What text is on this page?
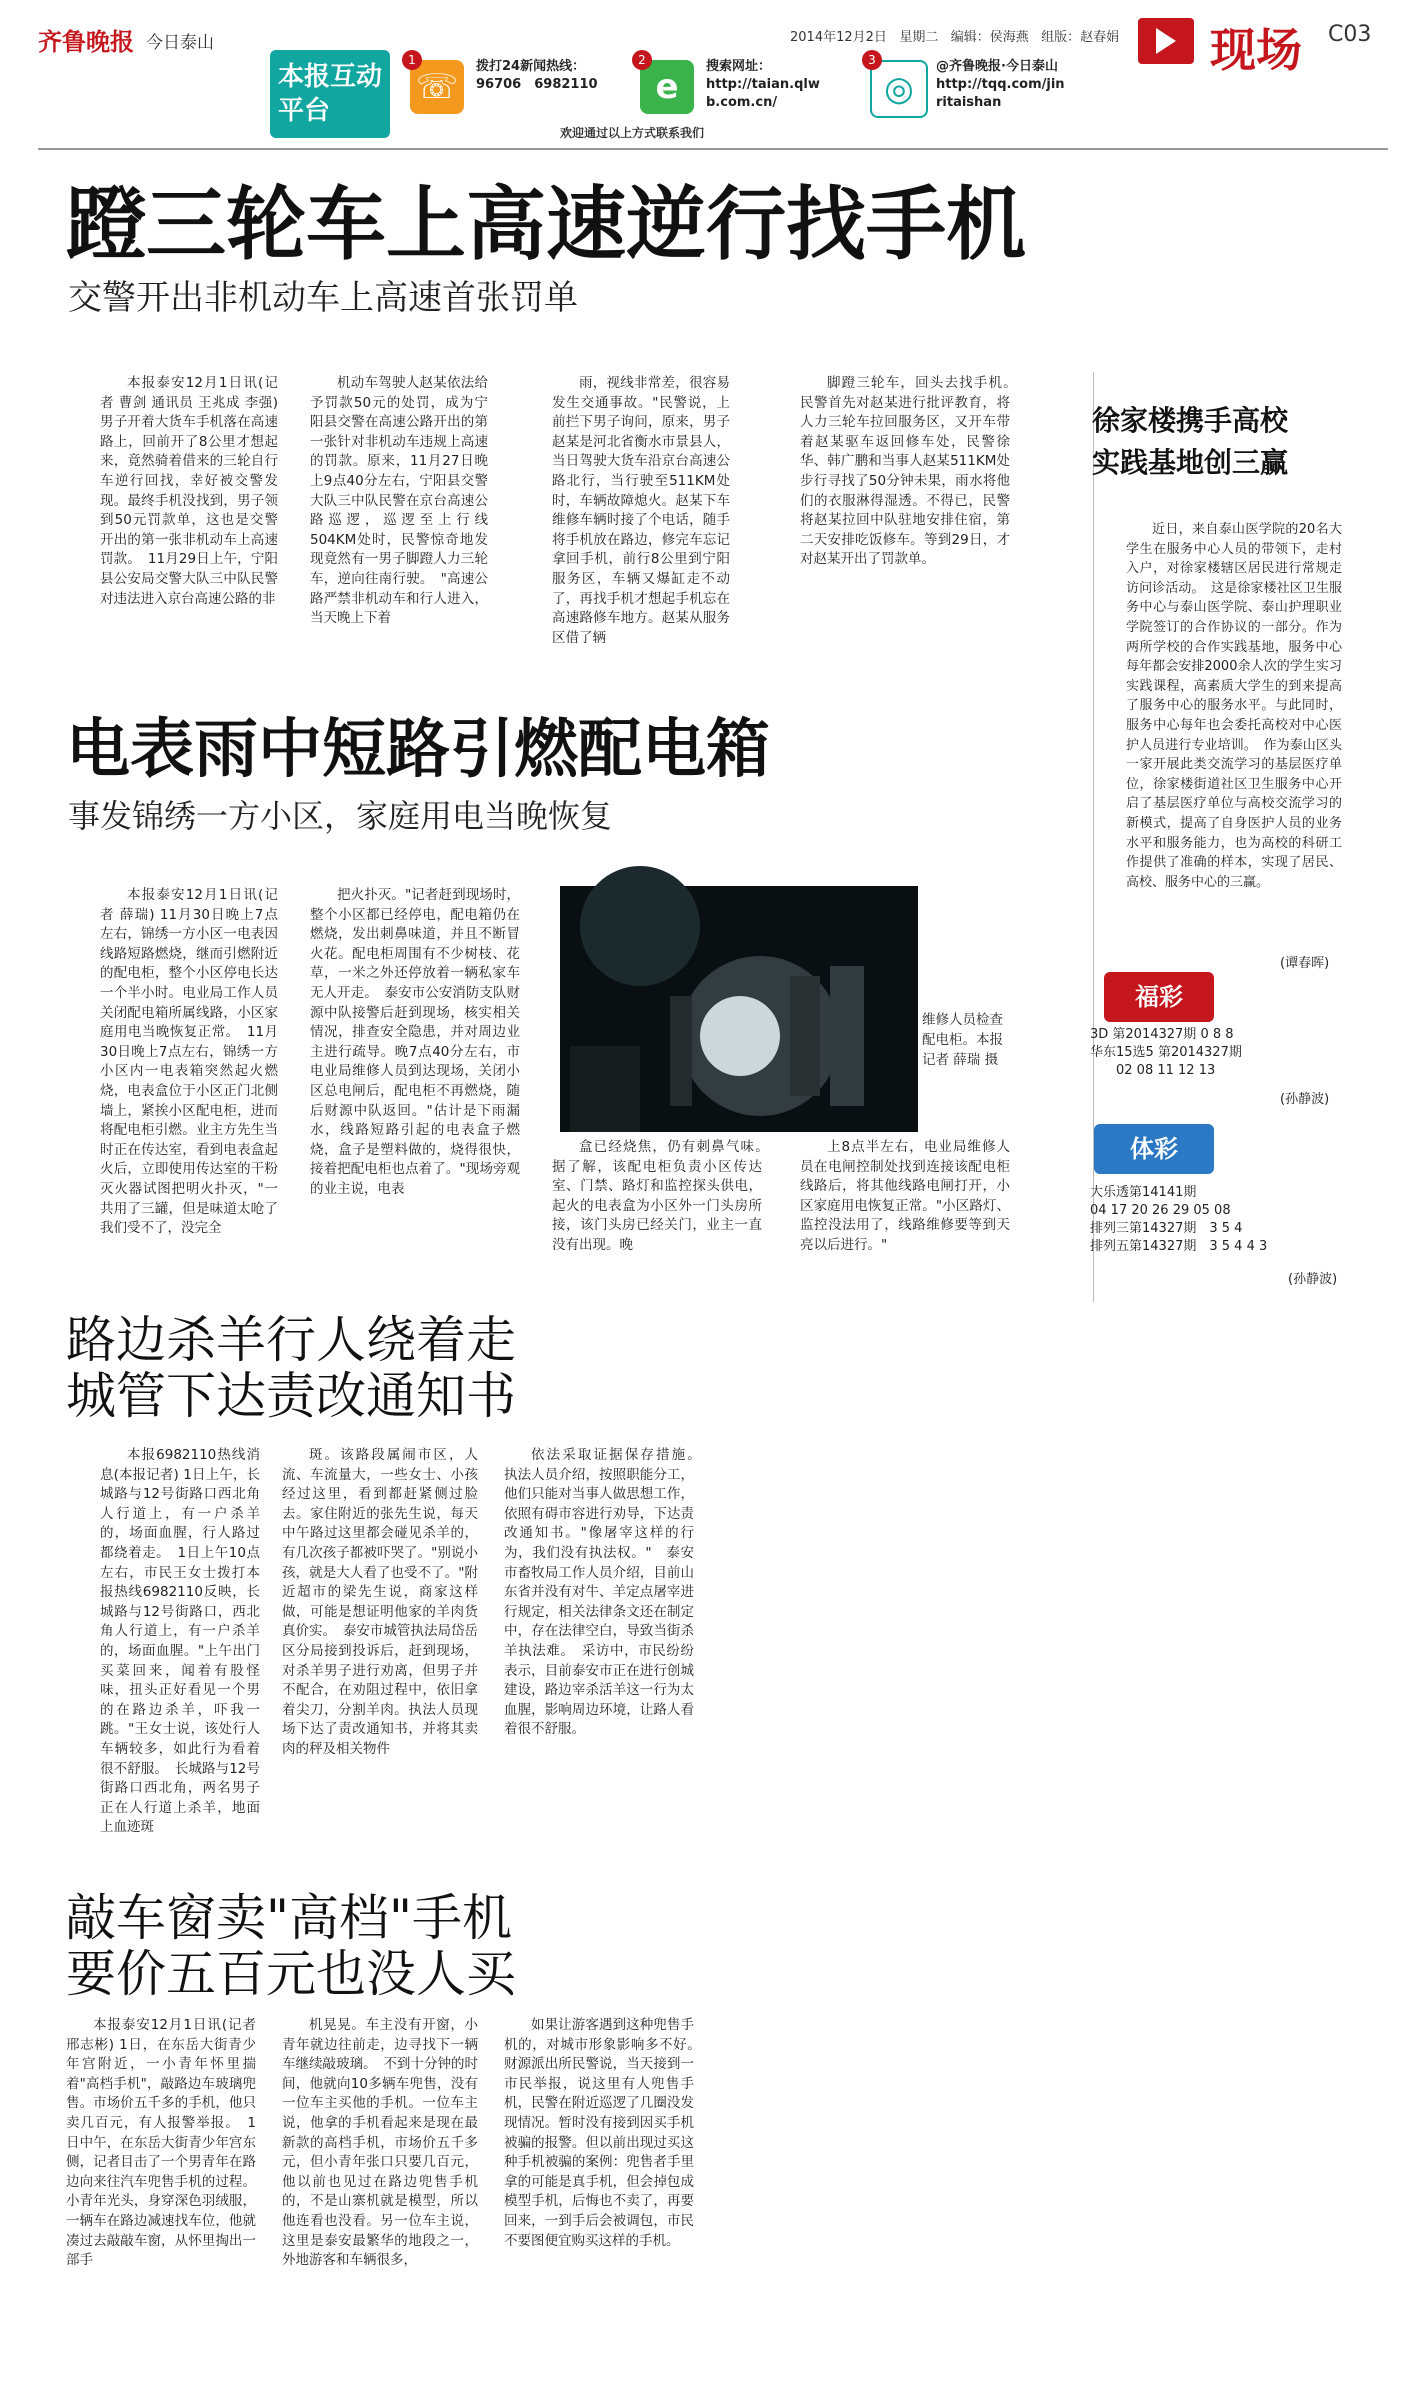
齐鲁晚报 今日泰山	2014年12月2日 星期二 编辑：侯海燕 组版：赵春娟 现场 C03
本报互动平台
☏
1	拨打24新闻热线：
96706　6982110	e
2	搜索网址：
http://taian.qlw
b.com.cn/	◎
3	@齐鲁晚报·今日泰山
http://tqq.com/jin
ritaishan
欢迎通过以上方式联系我们
蹬三轮车上高速逆行找手机
交警开出非机动车上高速首张罚单
本报泰安12月1日讯(记者 曹剑 通讯员 王兆成 李强) 男子开着大货车手机落在高速路上，回前开了8公里才想起来，竟然骑着借来的三轮自行车逆行回找，幸好被交警发现。最终手机没找到，男子领到50元罚款单，这也是交警开出的第一张非机动车上高速罚款。　11月29日上午，宁阳县公安局交警大队三中队民警对违法进入京台高速公路的非
机动车驾驶人赵某依法给予罚款50元的处罚，成为宁阳县交警在高速公路开出的第一张针对非机动车违规上高速的罚款。原来，11月27日晚上9点40分左右，宁阳县交警大队三中队民警在京台高速公路巡逻，巡逻至上行线504KM处时，民警惊奇地发现竟然有一男子脚蹬人力三轮车，逆向往南行驶。　"高速公路严禁非机动车和行人进入，当天晚上下着
雨，视线非常差，很容易发生交通事故。"民警说，上前拦下男子询问，原来，男子赵某是河北省衡水市景县人，当日驾驶大货车沿京台高速公路北行，当行驶至511KM处时，车辆故障熄火。赵某下车维修车辆时接了个电话，随手将手机放在路边，修完车忘记拿回手机，前行8公里到宁阳服务区，车辆又爆缸走不动了，再找手机才想起手机忘在高速路修车地方。赵某从服务区借了辆
脚蹬三轮车，回头去找手机。　民警首先对赵某进行批评教育，将人力三轮车拉回服务区，又开车带着赵某驱车返回修车处，民警徐华、韩广鹏和当事人赵某511KM处步行寻找了50分钟未果，雨水将他们的衣服淋得湿透。不得已，民警将赵某拉回中队驻地安排住宿，第二天安排吃饭修车。等到29日，才对赵某开出了罚款单。
徐家楼携手高校
实践基地创三赢
近日，来自泰山医学院的20名大学生在服务中心人员的带领下，走村入户，对徐家楼辖区居民进行常规走访问诊活动。　这是徐家楼社区卫生服务中心与泰山医学院、泰山护理职业学院签订的合作协议的一部分。作为两所学校的合作实践基地，服务中心每年都会安排2000余人次的学生实习实践课程，高素质大学生的到来提高了服务中心的服务水平。与此同时，服务中心每年也会委托高校对中心医护人员进行专业培训。　作为泰山区头一家开展此类交流学习的基层医疗单位，徐家楼街道社区卫生服务中心开启了基层医疗单位与高校交流学习的新模式，提高了自身医护人员的业务水平和服务能力，也为高校的科研工作提供了准确的样本，实现了居民、高校、服务中心的三赢。
(谭春晖)
电表雨中短路引燃配电箱
事发锦绣一方小区，家庭用电当晚恢复
本报泰安12月1日讯(记者 薛瑞) 11月30日晚上7点左右，锦绣一方小区一电表因线路短路燃烧，继而引燃附近的配电柜，整个小区停电长达一个半小时。电业局工作人员关闭配电箱所属线路，小区家庭用电当晚恢复正常。　11月30日晚上7点左右，锦绣一方小区内一电表箱突然起火燃烧，电表盒位于小区正门北侧墙上，紧挨小区配电柜，进而将配电柜引燃。业主方先生当时正在传达室，看到电表盒起火后，立即使用传达室的干粉灭火器试图把明火扑灭，"一共用了三罐，但是味道太呛了我们受不了，没完全
把火扑灭。"记者赶到现场时，整个小区都已经停电，配电箱仍在燃烧，发出刺鼻味道，并且不断冒火花。配电柜周围有不少树枝、花草，一米之外还停放着一辆私家车无人开走。　泰安市公安消防支队财源中队接警后赶到现场，核实相关情况，排查安全隐患，并对周边业主进行疏导。晚7点40分左右，市电业局维修人员到达现场，关闭小区总电闸后，配电柜不再燃烧，随后财源中队返回。"估计是下雨漏水，线路短路引起的电表盒子燃烧，盒子是塑料做的，烧得很快，接着把配电柜也点着了。"现场旁观的业主说，电表
维修人员检查配电柜。本报记者 薛瑞 摄
盒已经烧焦，仍有刺鼻气味。　据了解，该配电柜负责小区传达室、门禁、路灯和监控探头供电，起火的电表盒为小区外一门头房所接，该门头房已经关门，业主一直没有出现。晚
上8点半左右，电业局维修人员在电闸控制处找到连接该配电柜线路后，将其他线路电闸打开，小区家庭用电恢复正常。"小区路灯、监控没法用了，线路维修要等到天亮以后进行。"
福彩
3D 第2014327期 0 8 8
华东15选5 第2014327期
　　02 08 11 12 13
(孙静波)
体彩
大乐透第14141期
04 17 20 26 29 05 08
排列三第14327期　3 5 4
排列五第14327期　3 5 4 4 3
(孙静波)
路边杀羊行人绕着走
城管下达责改通知书
本报6982110热线消息(本报记者) 1日上午，长城路与12号街路口西北角人行道上，有一户杀羊的，场面血腥，行人路过都绕着走。　1日上午10点左右，市民王女士拨打本报热线6982110反映，长城路与12号街路口，西北角人行道上，有一户杀羊的，场面血腥。"上午出门买菜回来，闻着有股怪味，扭头正好看见一个男的在路边杀羊，吓我一跳。"王女士说，该处行人车辆较多，如此行为看着很不舒服。　长城路与12号街路口西北角，两名男子正在人行道上杀羊，地面上血迹斑
斑。该路段属闹市区，人流、车流量大，一些女士、小孩经过这里，看到都赶紧侧过脸去。家住附近的张先生说，每天中午路过这里都会碰见杀羊的，有几次孩子都被吓哭了。"别说小孩，就是大人看了也受不了。"附近超市的梁先生说，商家这样做，可能是想证明他家的羊肉货真价实。　泰安市城管执法局岱岳区分局接到投诉后，赶到现场，对杀羊男子进行劝离，但男子并不配合，在劝阻过程中，依旧拿着尖刀，分割羊肉。执法人员现场下达了责改通知书，并将其卖肉的秤及相关物件
依法采取证据保存措施。　执法人员介绍，按照职能分工，他们只能对当事人做思想工作，依照有碍市容进行劝导，下达责改通知书。"像屠宰这样的行为，我们没有执法权。"　泰安市畜牧局工作人员介绍，目前山东省并没有对牛、羊定点屠宰进行规定，相关法律条文还在制定中，存在法律空白，导致当街杀羊执法难。　采访中，市民纷纷表示，目前泰安市正在进行创城建设，路边宰杀活羊这一行为太血腥，影响周边环境，让路人看着很不舒服。
敲车窗卖"高档"手机
要价五百元也没人买
本报泰安12月1日讯(记者 邢志彬) 1日，在东岳大街青少年宫附近，一小青年怀里揣着"高档手机"，敲路边车玻璃兜售。市场价五千多的手机，他只卖几百元，有人报警举报。　1日中午，在东岳大街青少年宫东侧，记者目击了一个男青年在路边向来往汽车兜售手机的过程。小青年光头，身穿深色羽绒服，一辆车在路边减速找车位，他就凑过去敲敲车窗，从怀里掏出一部手
机晃晃。车主没有开窗，小青年就边往前走，边寻找下一辆车继续敲玻璃。　不到十分钟的时间，他就向10多辆车兜售，没有一位车主买他的手机。一位车主说，他拿的手机看起来是现在最新款的高档手机，市场价五千多元，但小青年张口只要几百元，他以前也见过在路边兜售手机的，不是山寨机就是模型，所以他连看也没看。另一位车主说，这里是泰安最繁华的地段之一，外地游客和车辆很多，
如果让游客遇到这种兜售手机的，对城市形象影响多不好。　财源派出所民警说，当天接到一市民举报，说这里有人兜售手机，民警在附近巡逻了几圈没发现情况。暂时没有接到因买手机被骗的报警。但以前出现过买这种手机被骗的案例：兜售者手里拿的可能是真手机，但会掉包成模型手机，后悔也不卖了，再要回来，一到手后会被调包，市民不要图便宜购买这样的手机。
